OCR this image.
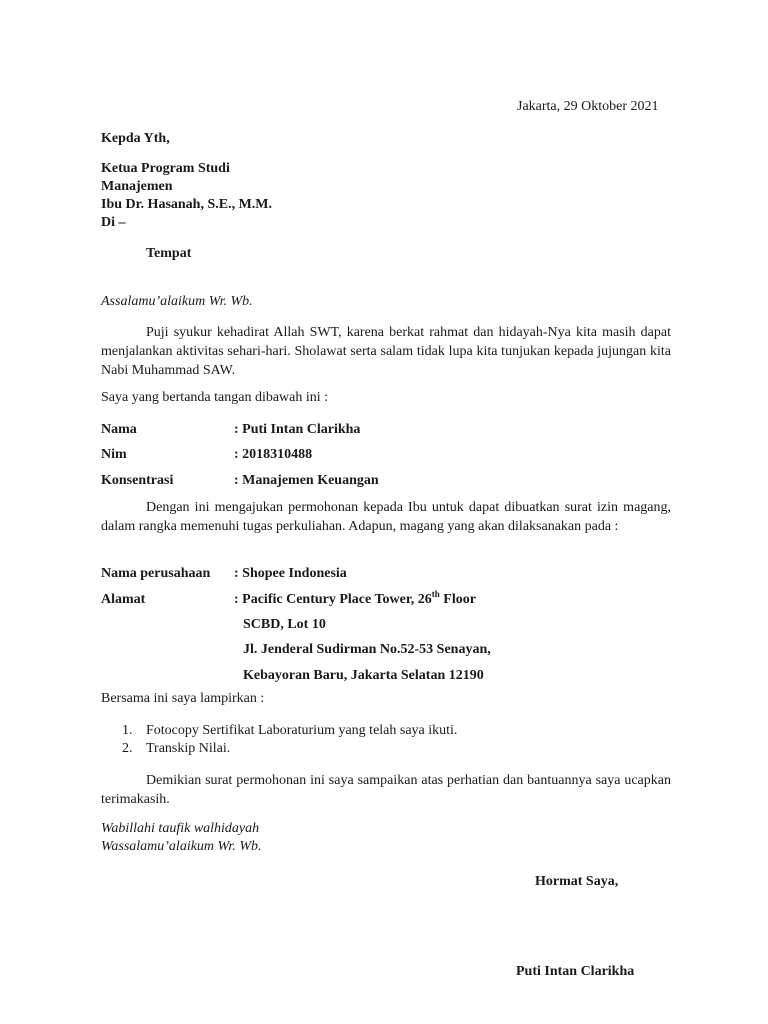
Jakarta, 29 Oktober 2021
Kepda Yth,
Ketua Program Studi
Manajemen
Ibu Dr. Hasanah, S.E., M.M.
Di –
Tempat
Assalamu’alaikum Wr. Wb.
Puji syukur kehadirat Allah SWT, karena berkat rahmat dan hidayah-Nya kita masih dapat menjalankan aktivitas sehari-hari. Sholawat serta salam tidak lupa kita tunjukan kepada jujungan kita Nabi Muhammad SAW.
Saya yang bertanda tangan dibawah ini :
Nama	: Puti Intan Clarikha
Nim	: 2018310488
Konsentrasi	: Manajemen Keuangan
Dengan ini mengajukan permohonan kepada Ibu untuk dapat dibuatkan surat izin magang, dalam rangka memenuhi tugas perkuliahan. Adapun, magang yang akan dilaksanakan pada :
Nama perusahaan : Shopee Indonesia
Alamat	: Pacific Century Place Tower, 26th Floor
SCBD, Lot 10
Jl. Jenderal Sudirman No.52-53 Senayan,
Kebayoran Baru, Jakarta Selatan 12190
Bersama ini saya lampirkan :
1. Fotocopy Sertifikat Laboraturium yang telah saya ikuti.
2. Transkip Nilai.
Demikian surat permohonan ini saya sampaikan atas perhatian dan bantuannya saya ucapkan terimakasih.
Wabillahi taufik walhidayah
Wassalamu’alaikum Wr. Wb.
Hormat Saya,
Puti Intan Clarikha
